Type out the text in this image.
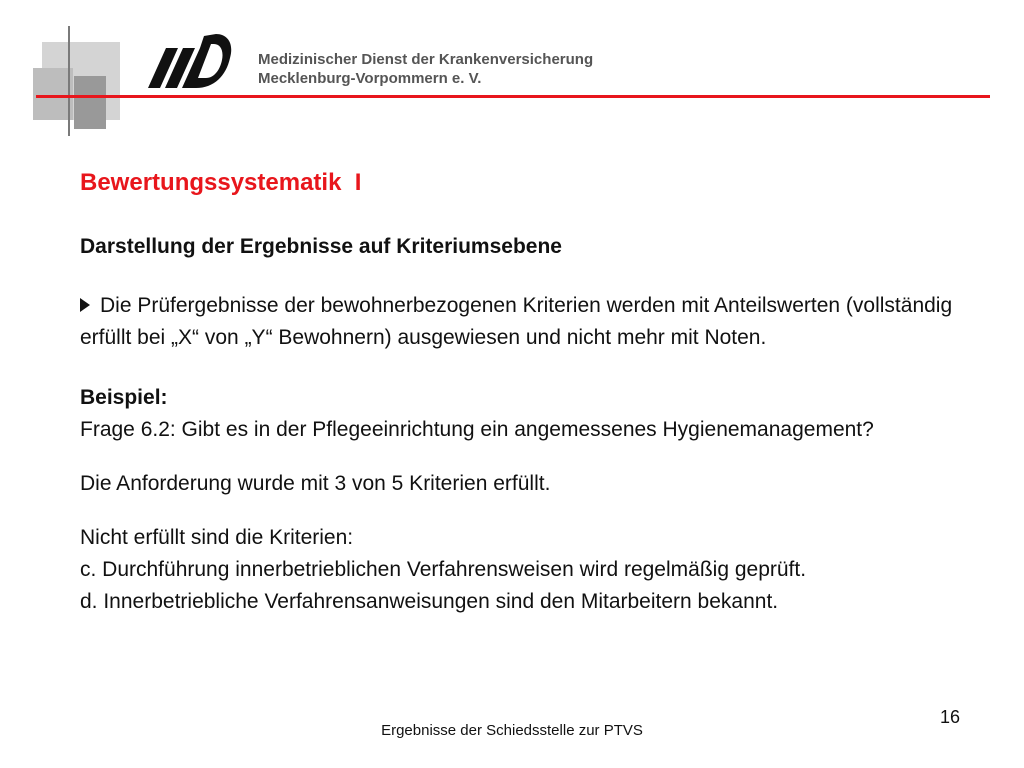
Medizinischer Dienst der Krankenversicherung
Mecklenburg-Vorpommern e. V.
Bewertungssystematik  I

Darstellung der Ergebnisse auf Kriteriumsebene

Die Prüfergebnisse der bewohnerbezogenen Kriterien werden mit Anteilswerten (vollständig erfüllt bei „X“ von „Y“ Bewohnern) ausgewiesen und nicht mehr mit Noten.

Beispiel:

Frage 6.2: Gibt es in der Pflegeeinrichtung ein angemessenes Hygienemanagement?

Die Anforderung wurde mit 3 von 5 Kriterien erfüllt.

Nicht erfüllt sind die Kriterien:

c. Durchführung innerbetrieblichen Verfahrensweisen wird regelmäßig geprüft.

d. Innerbetriebliche Verfahrensanweisungen sind den Mitarbeitern bekannt.

16
Ergebnisse der Schiedsstelle zur PTVS
